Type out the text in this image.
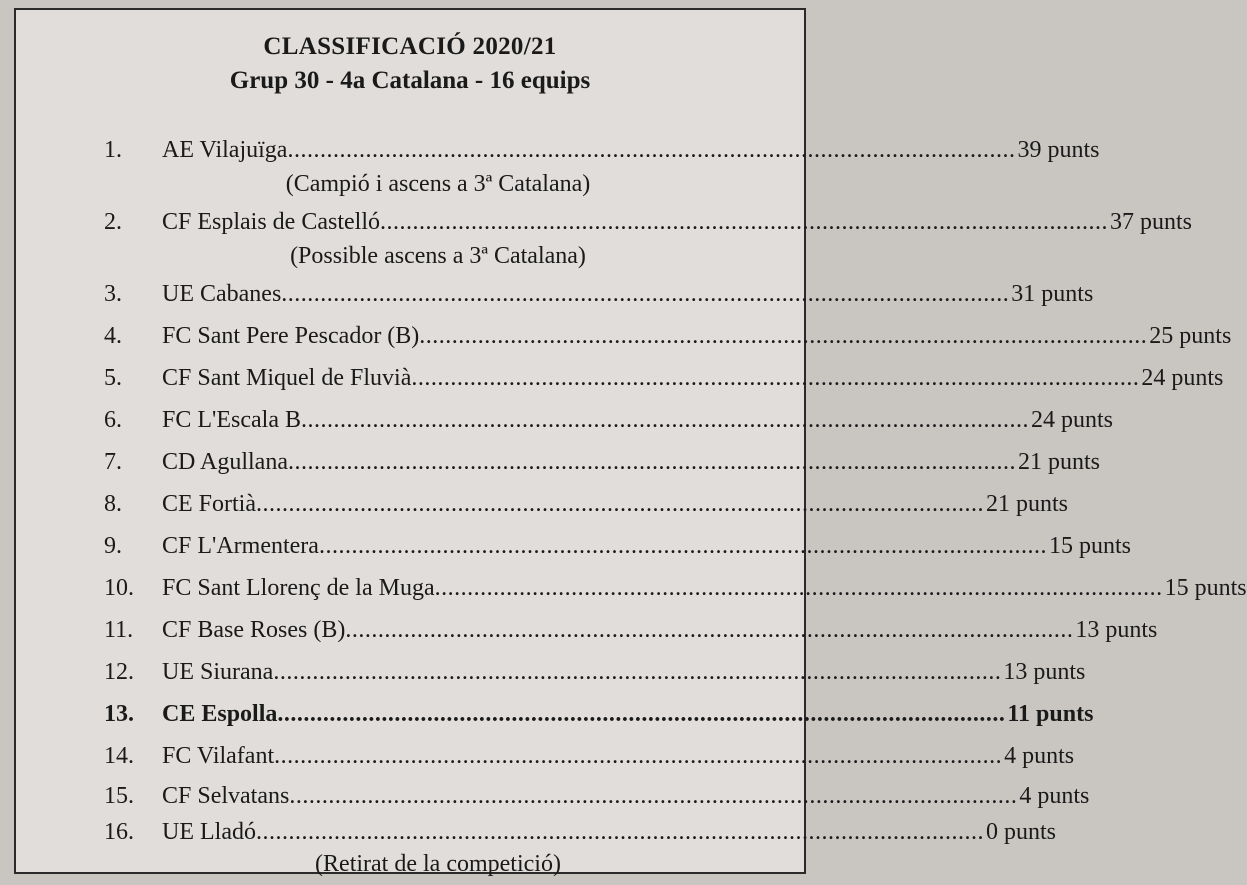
CLASSIFICACIÓ 2020/21
Grup 30 - 4a Catalana - 16 equips
1.	AE Vilajuïga ................................................................................................................ 39 punts
(Campió i ascens a 3ª Catalana)
2.	CF Esplais de Castelló ................................................................................................................ 37 punts
(Possible ascens a 3ª Catalana)
3.	UE Cabanes ................................................................................................................ 31 punts
4.	FC Sant Pere Pescador (B) ................................................................................................................ 25 punts
5.	CF Sant Miquel de Fluvià ................................................................................................................ 24 punts
6.	FC L'Escala B ................................................................................................................ 24 punts
7.	CD Agullana ................................................................................................................ 21 punts
8.	CE Fortià ................................................................................................................ 21 punts
9.	CF L'Armentera ................................................................................................................ 15 punts
10.	FC Sant Llorenç de la Muga ................................................................................................................ 15 punts
11.	CF Base Roses (B) ................................................................................................................ 13 punts
12.	UE Siurana ................................................................................................................ 13 punts
13.	CE Espolla ................................................................................................................ 11 punts
14.	FC Vilafant ................................................................................................................ 4 punts
15.	CF Selvatans ................................................................................................................ 4 punts
16.	UE Lladó ................................................................................................................ 0 punts
(Retirat de la competició)
